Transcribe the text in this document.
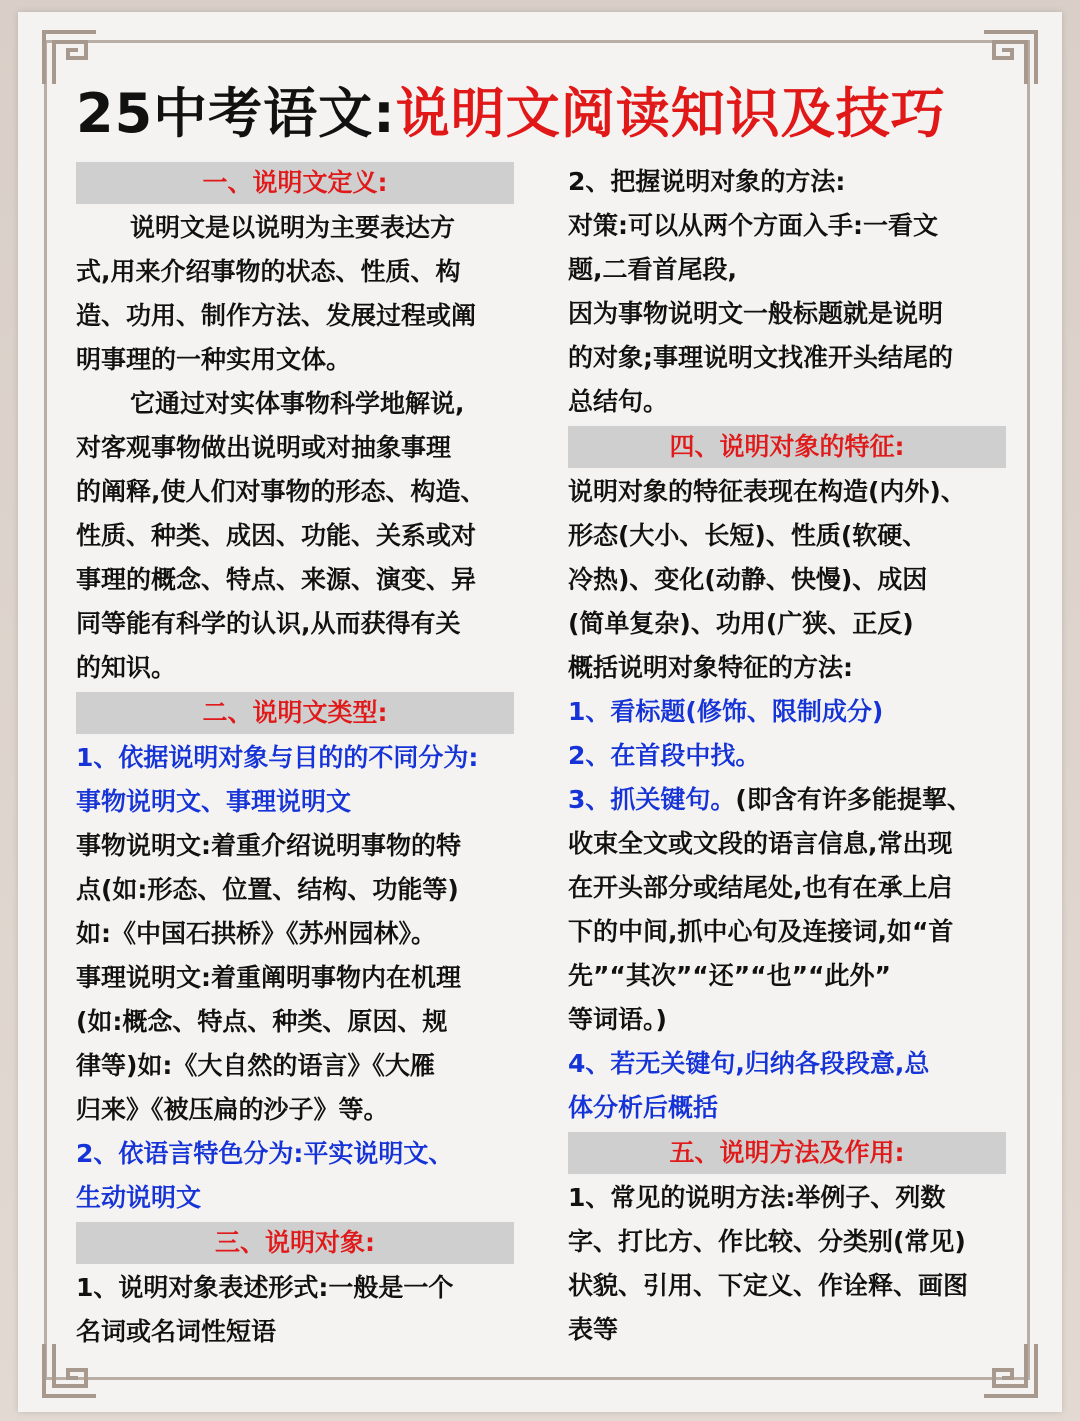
25中考语文:说明文阅读知识及技巧
一、说明文定义:
说明文是以说明为主要表达方
式,用来介绍事物的状态、性质、构
造、功用、制作方法、发展过程或阐
明事理的一种实用文体。
它通过对实体事物科学地解说,
对客观事物做出说明或对抽象事理
的阐释,使人们对事物的形态、构造、
性质、种类、成因、功能、关系或对
事理的概念、特点、来源、演变、异
同等能有科学的认识,从而获得有关
的知识。
二、说明文类型:
1、依据说明对象与目的的不同分为:
事物说明文、事理说明文
事物说明文:着重介绍说明事物的特
点(如:形态、位置、结构、功能等)
如:《中国石拱桥》《苏州园林》。
事理说明文:着重阐明事物内在机理
(如:概念、特点、种类、原因、规
律等)如:《大自然的语言》《大雁
归来》《被压扁的沙子》等。
2、依语言特色分为:平实说明文、
生动说明文
三、说明对象:
1、说明对象表述形式:一般是一个
名词或名词性短语
2、把握说明对象的方法:
对策:可以从两个方面入手:一看文
题,二看首尾段,
因为事物说明文一般标题就是说明
的对象;事理说明文找准开头结尾的
总结句。
四、说明对象的特征:
说明对象的特征表现在构造(内外)、
形态(大小、长短)、性质(软硬、
冷热)、变化(动静、快慢)、成因
(简单复杂)、功用(广狭、正反)
概括说明对象特征的方法:
1、看标题(修饰、限制成分)
2、在首段中找。
3、抓关键句。(即含有许多能提挈、
收束全文或文段的语言信息,常出现
在开头部分或结尾处,也有在承上启
下的中间,抓中心句及连接词,如“首
先”“其次”“还”“也”“此外”
等词语。)
4、若无关键句,归纳各段段意,总
体分析后概括
五、说明方法及作用:
1、常见的说明方法:举例子、列数
字、打比方、作比较、分类别(常见)
状貌、引用、下定义、作诠释、画图
表等
